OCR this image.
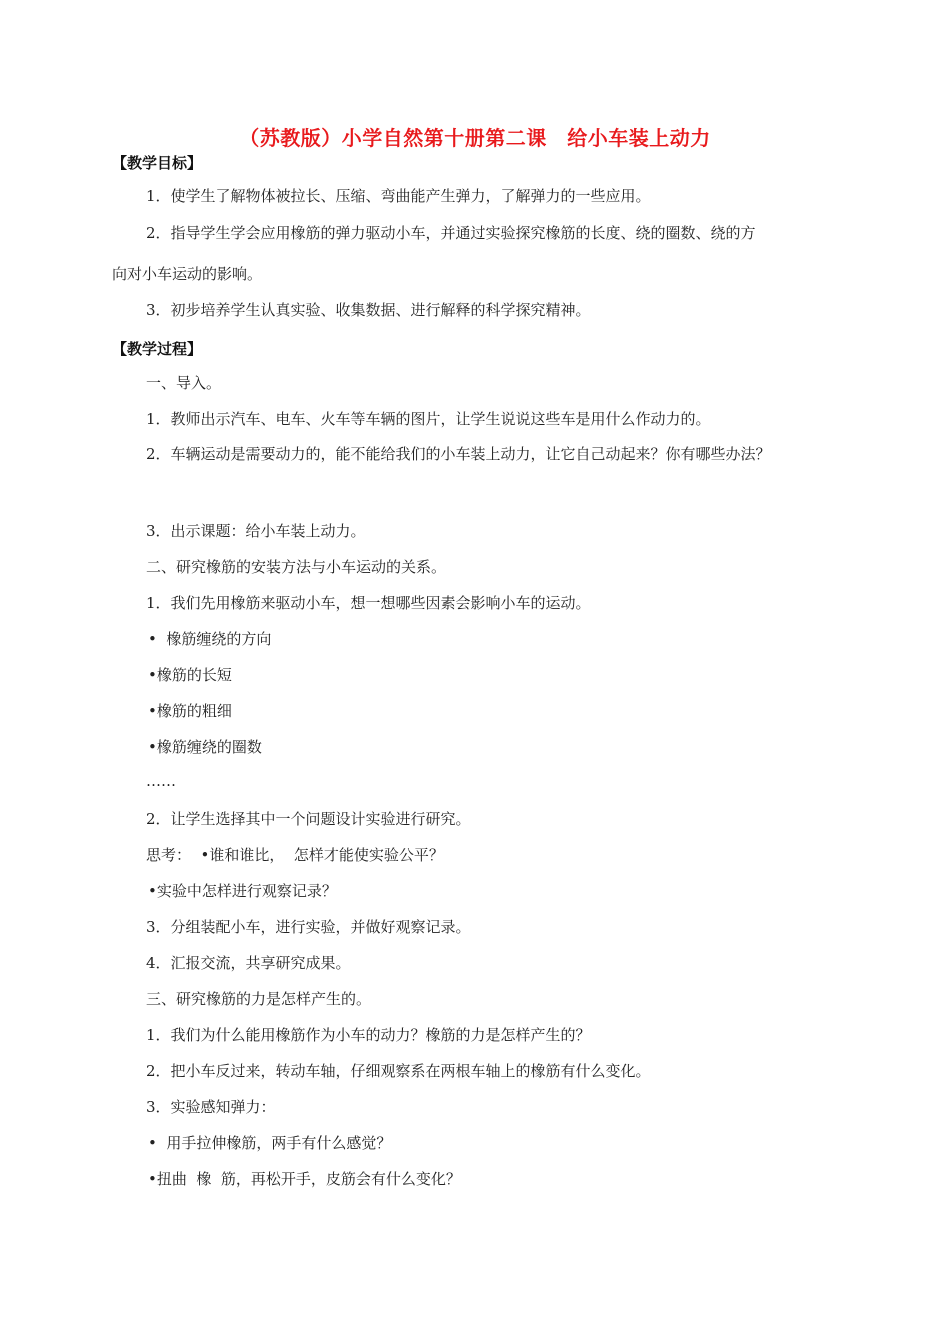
（苏教版）小学自然第十册第二课　给小车装上动力
【教学目标】
1．使学生了解物体被拉长、压缩、弯曲能产生弹力，了解弹力的一些应用。
2．指导学生学会应用橡筋的弹力驱动小车，并通过实验探究橡筋的长度、绕的圈数、绕的方
向对小车运动的影响。
3．初步培养学生认真实验、收集数据、进行解释的科学探究精神。
【教学过程】
一、导入。
1．教师出示汽车、电车、火车等车辆的图片，让学生说说这些车是用什么作动力的。
2．车辆运动是需要动力的，能不能给我们的小车装上动力，让它自己动起来？你有哪些办法？
3．出示课题：给小车装上动力。
二、研究橡筋的安装方法与小车运动的关系。
1．我们先用橡筋来驱动小车，想一想哪些因素会影响小车的运动。
•  橡筋缠绕的方向
•橡筋的长短
•橡筋的粗细
•橡筋缠绕的圈数
……
2．让学生选择其中一个问题设计实验进行研究。
思考：  •谁和谁比，  怎样才能使实验公平？
•实验中怎样进行观察记录？
3．分组装配小车，进行实验，并做好观察记录。
4．汇报交流，共享研究成果。
三、研究橡筋的力是怎样产生的。
1．我们为什么能用橡筋作为小车的动力？橡筋的力是怎样产生的？
2．把小车反过来，转动车轴，仔细观察系在两根车轴上的橡筋有什么变化。
3．实验感知弹力：
•  用手拉伸橡筋，两手有什么感觉？
•扭曲  橡  筋，再松开手，皮筋会有什么变化？
